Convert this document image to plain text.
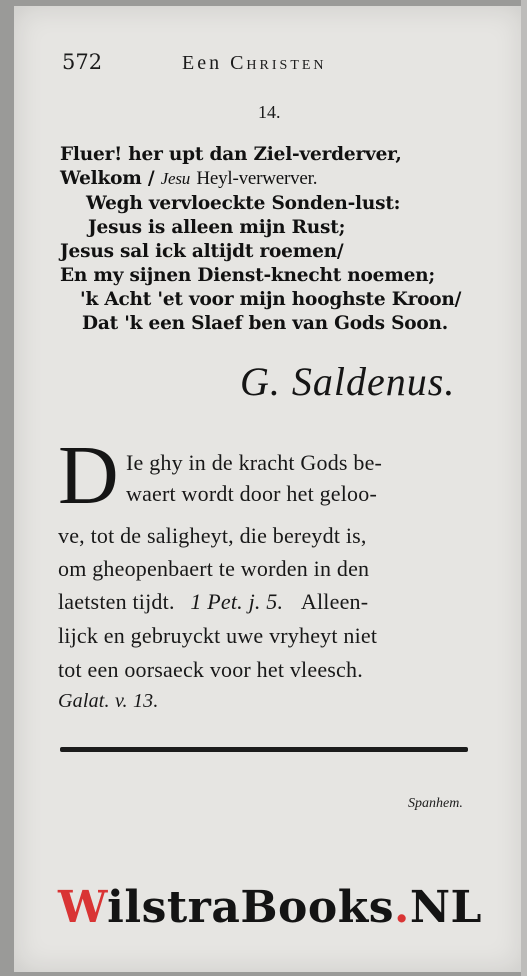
572	Een Christen
14.
Fluer! her upt dan Ziel-verderver,
Welkom / Jesu Heyl-verwerver.
Wegh vervloeckte Sonden-lust:
Jesus is alleen mijn Rust;
Jesus sal ick altijdt roemen/
En my sijnen Dienst-knecht noemen;
'k Acht 'et voor mijn hooghste Kroon/
Dat 'k een Slaef ben van Gods Soon.
G. Saldenus.
D Ie ghy in de kracht Gods be-
waert wordt door het geloo-
ve, tot de saligheyt, die bereydt is,
om gheopenbaert te worden in den
laetsten tijdt. 1 Pet. j. 5. Alleen-
lijck en gebruyckt uwe vryheyt niet
tot een oorsaeck voor het vleesch.
Galat. v. 13.
Spanhem.
WilstraBooks.NL
